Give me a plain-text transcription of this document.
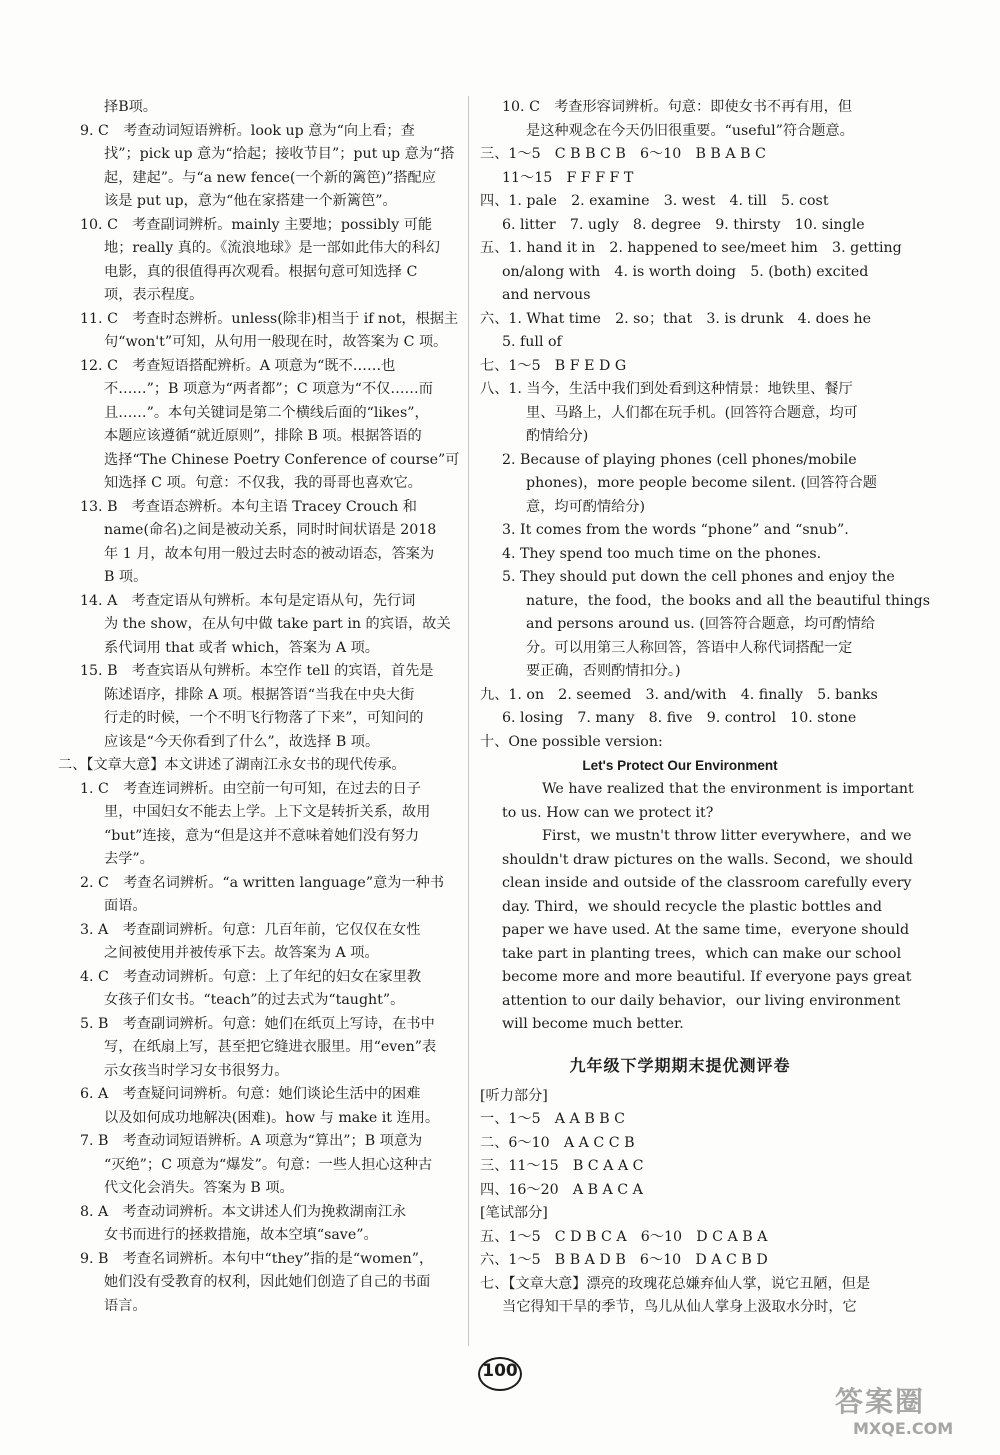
择B项。
9. C　考查动词短语辨析。look up 意为“向上看；查
找”；pick up 意为“拾起；接收节目”；put up 意为“搭
起，建起”。与“a new fence(一个新的篱笆)”搭配应
该是 put up，意为“他在家搭建一个新篱笆”。
10. C　考查副词辨析。mainly 主要地；possibly 可能
地；really 真的。《流浪地球》是一部如此伟大的科幻
电影，真的很值得再次观看。根据句意可知选择 C
项，表示程度。
11. C　考查时态辨析。unless(除非)相当于 if not，根据主
句“won't”可知，从句用一般现在时，故答案为 C 项。
12. C　考查短语搭配辨析。A 项意为“既不……也
不……”；B 项意为“两者都”；C 项意为“不仅……而
且……”。本句关键词是第二个横线后面的“likes”，
本题应该遵循“就近原则”，排除 B 项。根据答语的
选择“The Chinese Poetry Conference of course”可
知选择 C 项。句意：不仅我，我的哥哥也喜欢它。
13. B　考查语态辨析。本句主语 Tracey Crouch 和
name(命名)之间是被动关系，同时时间状语是 2018
年 1 月，故本句用一般过去时态的被动语态，答案为
B 项。
14. A　考查定语从句辨析。本句是定语从句，先行词
为 the show，在从句中做 take part in 的宾语，故关
系代词用 that 或者 which，答案为 A 项。
15. B　考查宾语从句辨析。本空作 tell 的宾语，首先是
陈述语序，排除 A 项。根据答语“当我在中央大街
行走的时候，一个不明飞行物落了下来”，可知问的
应该是“今天你看到了什么”，故选择 B 项。
二、【文章大意】本文讲述了湖南江永女书的现代传承。
1. C　考查连词辨析。由空前一句可知，在过去的日子
里，中国妇女不能去上学。上下文是转折关系，故用
“but”连接，意为“但是这并不意味着她们没有努力
去学”。
2. C　考查名词辨析。“a written language”意为一种书
面语。
3. A　考查副词辨析。句意：几百年前，它仅仅在女性
之间被使用并被传承下去。故答案为 A 项。
4. C　考查动词辨析。句意：上了年纪的妇女在家里教
女孩子们女书。“teach”的过去式为“taught”。
5. B　考查副词辨析。句意：她们在纸页上写诗，在书中
写，在纸扇上写，甚至把它缝进衣服里。用“even”表
示女孩当时学习女书很努力。
6. A　考查疑问词辨析。句意：她们谈论生活中的困难
以及如何成功地解决(困难)。how 与 make it 连用。
7. B　考查动词短语辨析。A 项意为“算出”；B 项意为
“灭绝”；C 项意为“爆发”。句意：一些人担心这种古
代文化会消失。答案为 B 项。
8. A　考查动词辨析。本文讲述人们为挽救湖南江永
女书而进行的拯救措施，故本空填“save”。
9. B　考查名词辨析。本句中“they”指的是“women”，
她们没有受教育的权利，因此她们创造了自己的书面
语言。
10. C　考查形容词辨析。句意：即使女书不再有用，但
是这种观念在今天仍旧很重要。“useful”符合题意。
三、1～5　C B B C B　6～10　B B A B C
11～15　F F F F T
四、1. pale　2. examine　3. west　4. till　5. cost
6. litter　7. ugly　8. degree　9. thirsty　10. single
五、1. hand it in　2. happened to see/meet him　3. getting
on/along with　4. is worth doing　5. (both) excited
and nervous
六、1. What time　2. so；that　3. is drunk　4. does he
5. full of
七、1～5　B F E D G
八、1. 当今，生活中我们到处看到这种情景：地铁里、餐厅
里、马路上，人们都在玩手机。(回答符合题意，均可
酌情给分)
2. Because of playing phones (cell phones/mobile
phones)，more people become silent. (回答符合题
意，均可酌情给分)
3. It comes from the words “phone” and “snub”.
4. They spend too much time on the phones.
5. They should put down the cell phones and enjoy the
nature，the food，the books and all the beautiful things
and persons around us. (回答符合题意，均可酌情给
分。可以用第三人称回答，答语中人称代词搭配一定
要正确，否则酌情扣分。)
九、1. on　2. seemed　3. and/with　4. finally　5. banks
6. losing　7. many　8. five　9. control　10. stone
十、One possible version:
Let's Protect Our Environment
We have realized that the environment is important
to us. How can we protect it?
First，we mustn't throw litter everywhere，and we
shouldn't draw pictures on the walls. Second，we should
clean inside and outside of the classroom carefully every
day. Third，we should recycle the plastic bottles and
paper we have used. At the same time，everyone should
take part in planting trees，which can make our school
become more and more beautiful. If everyone pays great
attention to our daily behavior，our living environment
will become much better.
九年级下学期期末提优测评卷
[听力部分]
一、1～5　A A B B C
二、6～10　A A C C B
三、11～15　B C A A C
四、16～20　A B A C A
[笔试部分]
五、1～5　C D B C A　6～10　D C A B A
六、1～5　B B A D B　6～10　D A C B D
七、【文章大意】漂亮的玫瑰花总嫌弃仙人掌，说它丑陋，但是
当它得知干旱的季节，鸟儿从仙人掌身上汲取水分时，它
100
答案圈
MXQE.COM
